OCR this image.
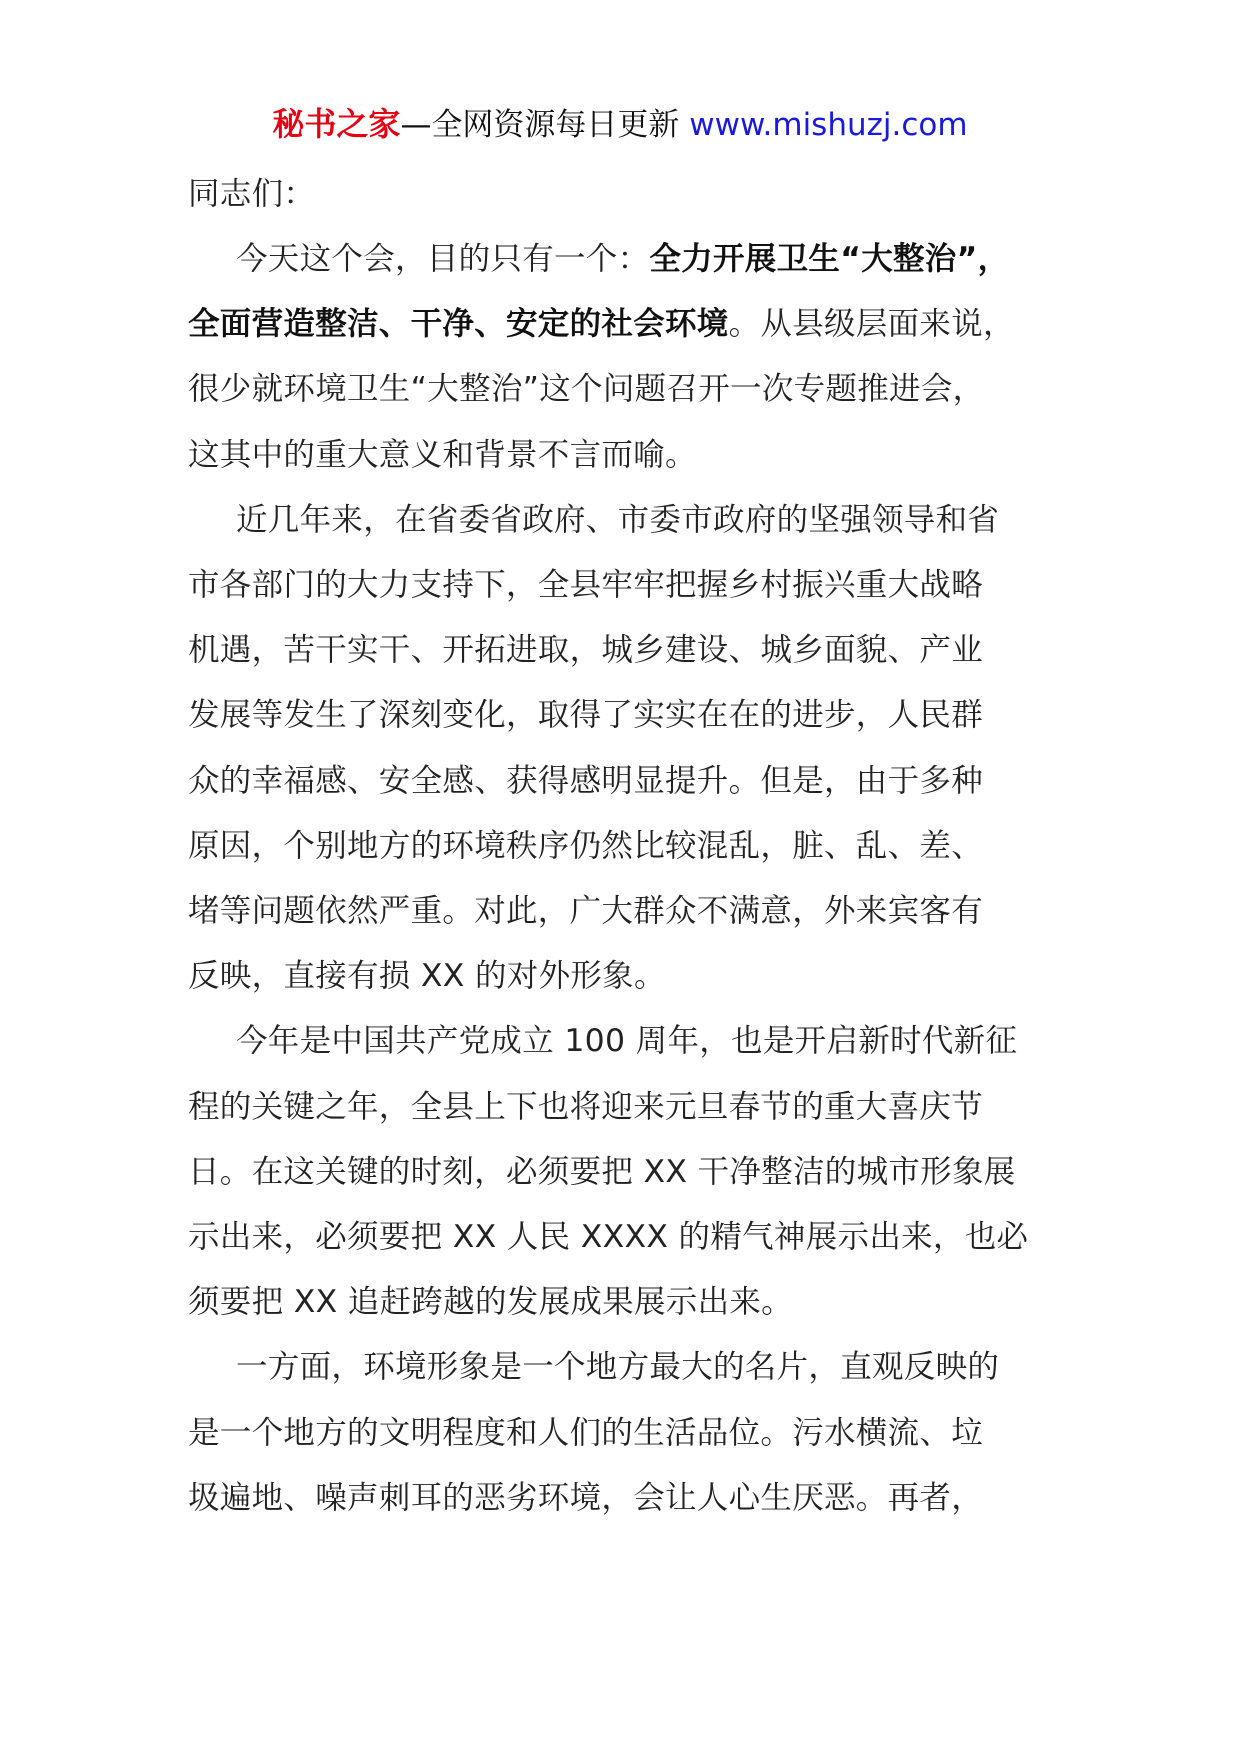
秘书之家—全网资源每日更新 www.mishuzj.com
同志们：
今天这个会，目的只有一个：全力开展卫生“大整治”，
全面营造整洁、干净、安定的社会环境。从县级层面来说，
很少就环境卫生“大整治”这个问题召开一次专题推进会，
这其中的重大意义和背景不言而喻。
近几年来，在省委省政府、市委市政府的坚强领导和省
市各部门的大力支持下，全县牢牢把握乡村振兴重大战略
机遇，苦干实干、开拓进取，城乡建设、城乡面貌、产业
发展等发生了深刻变化，取得了实实在在的进步，人民群
众的幸福感、安全感、获得感明显提升。但是，由于多种
原因，个别地方的环境秩序仍然比较混乱，脏、乱、差、
堵等问题依然严重。对此，广大群众不满意，外来宾客有
反映，直接有损 XX 的对外形象。
今年是中国共产党成立 100 周年，也是开启新时代新征
程的关键之年，全县上下也将迎来元旦春节的重大喜庆节
日。在这关键的时刻，必须要把 XX 干净整洁的城市形象展
示出来，必须要把 XX 人民 XXXX 的精气神展示出来，也必
须要把 XX 追赶跨越的发展成果展示出来。
一方面，环境形象是一个地方最大的名片，直观反映的
是一个地方的文明程度和人们的生活品位。污水横流、垃
圾遍地、噪声刺耳的恶劣环境，会让人心生厌恶。再者，
